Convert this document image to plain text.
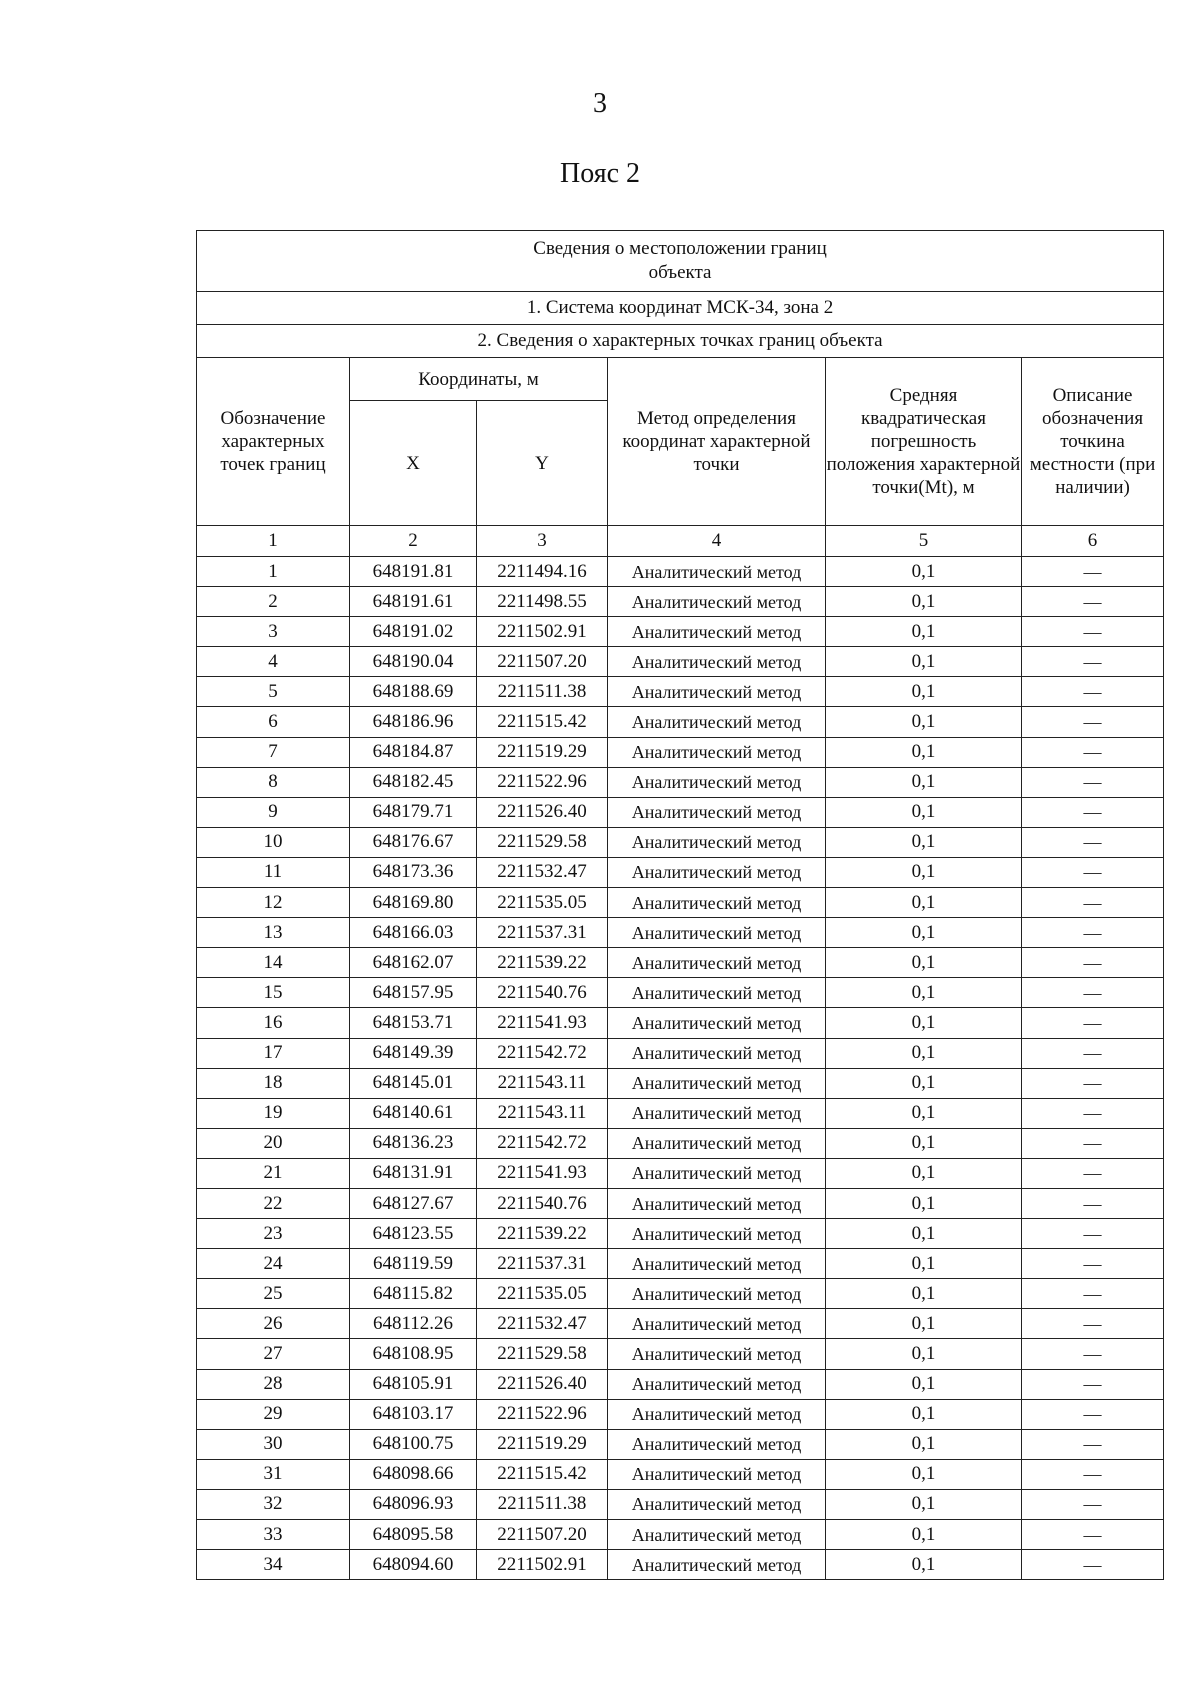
3
Пояс 2
Сведения о местоположении границ объекта					
1. Система координат МСК-34, зона 2					
2. Сведения о характерных точках границ объекта					
Обозначение характерных точек границ	Координаты, м		Метод определения координат характерной точки	Средняя квадратическая погрешность положения характерной точки(Mt), м	Описание обозначения точкина местности (при наличии)
	X	Y			
1	2	3	4	5	6
1	648191.81	2211494.16	Аналитический метод	0,1	—
2	648191.61	2211498.55	Аналитический метод	0,1	—
3	648191.02	2211502.91	Аналитический метод	0,1	—
4	648190.04	2211507.20	Аналитический метод	0,1	—
5	648188.69	2211511.38	Аналитический метод	0,1	—
6	648186.96	2211515.42	Аналитический метод	0,1	—
7	648184.87	2211519.29	Аналитический метод	0,1	—
8	648182.45	2211522.96	Аналитический метод	0,1	—
9	648179.71	2211526.40	Аналитический метод	0,1	—
10	648176.67	2211529.58	Аналитический метод	0,1	—
11	648173.36	2211532.47	Аналитический метод	0,1	—
12	648169.80	2211535.05	Аналитический метод	0,1	—
13	648166.03	2211537.31	Аналитический метод	0,1	—
14	648162.07	2211539.22	Аналитический метод	0,1	—
15	648157.95	2211540.76	Аналитический метод	0,1	—
16	648153.71	2211541.93	Аналитический метод	0,1	—
17	648149.39	2211542.72	Аналитический метод	0,1	—
18	648145.01	2211543.11	Аналитический метод	0,1	—
19	648140.61	2211543.11	Аналитический метод	0,1	—
20	648136.23	2211542.72	Аналитический метод	0,1	—
21	648131.91	2211541.93	Аналитический метод	0,1	—
22	648127.67	2211540.76	Аналитический метод	0,1	—
23	648123.55	2211539.22	Аналитический метод	0,1	—
24	648119.59	2211537.31	Аналитический метод	0,1	—
25	648115.82	2211535.05	Аналитический метод	0,1	—
26	648112.26	2211532.47	Аналитический метод	0,1	—
27	648108.95	2211529.58	Аналитический метод	0,1	—
28	648105.91	2211526.40	Аналитический метод	0,1	—
29	648103.17	2211522.96	Аналитический метод	0,1	—
30	648100.75	2211519.29	Аналитический метод	0,1	—
31	648098.66	2211515.42	Аналитический метод	0,1	—
32	648096.93	2211511.38	Аналитический метод	0,1	—
33	648095.58	2211507.20	Аналитический метод	0,1	—
34	648094.60	2211502.91	Аналитический метод	0,1	—
